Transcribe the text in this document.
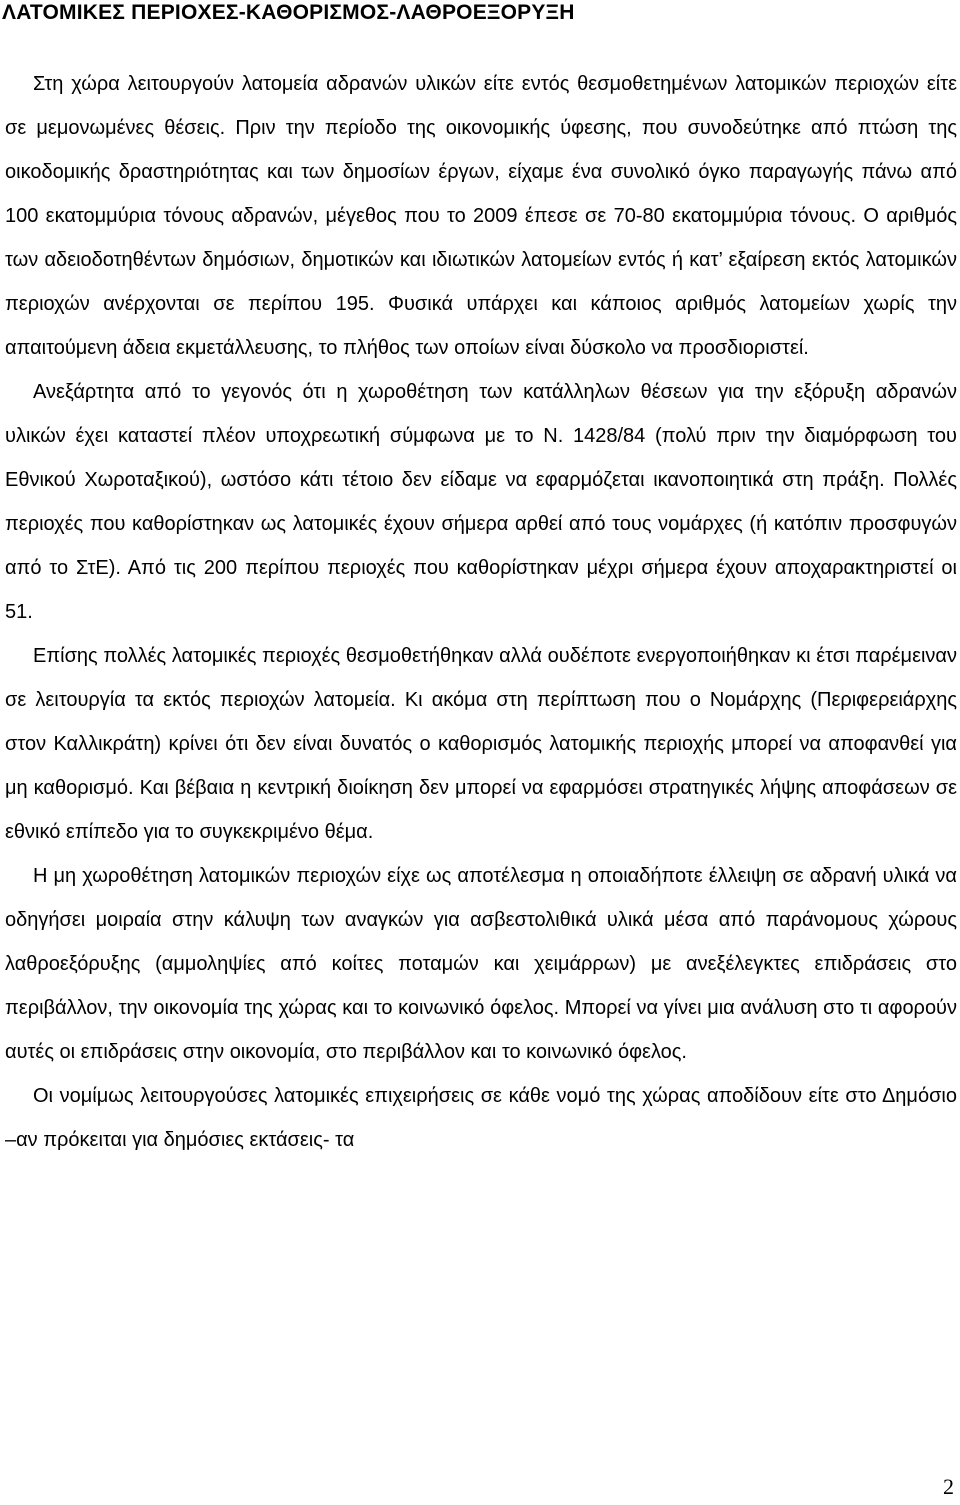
ΛΑΤΟΜΙΚΕΣ ΠΕΡΙΟΧΕΣ-ΚΑΘΟΡΙΣΜΟΣ-ΛΑΘΡΟΕΞΟΡΥΞΗ

Στη χώρα λειτουργούν λατομεία αδρανών υλικών είτε εντός θεσμοθετημένων λατομικών περιοχών είτε σε μεμονωμένες θέσεις. Πριν την περίοδο της οικονομικής ύφεσης, που συνοδεύτηκε από πτώση της οικοδομικής δραστηριότητας και των δημοσίων έργων, είχαμε ένα συνολικό όγκο παραγωγής πάνω από 100 εκατομμύρια τόνους αδρανών, μέγεθος που το 2009 έπεσε σε 70-80 εκατομμύρια τόνους. Ο αριθμός των αδειοδοτηθέντων δημόσιων, δημοτικών και ιδιωτικών λατομείων εντός ή κατ’ εξαίρεση εκτός λατομικών περιοχών ανέρχονται σε περίπου 195. Φυσικά υπάρχει και κάποιος αριθμός λατομείων χωρίς την απαιτούμενη άδεια εκμετάλλευσης, το πλήθος των οποίων είναι δύσκολο να προσδιοριστεί.

Ανεξάρτητα από το γεγονός ότι η χωροθέτηση των κατάλληλων θέσεων για την εξόρυξη αδρανών υλικών έχει καταστεί πλέον υποχρεωτική σύμφωνα με το Ν. 1428/84 (πολύ πριν την διαμόρφωση του Εθνικού Χωροταξικού), ωστόσο κάτι τέτοιο δεν είδαμε να εφαρμόζεται ικανοποιητικά στη πράξη. Πολλές περιοχές που καθορίστηκαν ως λατομικές έχουν σήμερα αρθεί από τους νομάρχες (ή κατόπιν προσφυγών από το ΣτΕ). Από τις 200 περίπου περιοχές που καθορίστηκαν μέχρι σήμερα έχουν αποχαρακτηριστεί οι 51.

Επίσης πολλές λατομικές περιοχές θεσμοθετήθηκαν αλλά ουδέποτε ενεργοποιήθηκαν κι έτσι παρέμειναν σε λειτουργία τα εκτός περιοχών λατομεία. Κι ακόμα στη περίπτωση που ο Νομάρχης (Περιφερειάρχης στον Καλλικράτη) κρίνει ότι δεν είναι δυνατός ο καθορισμός λατομικής περιοχής μπορεί να αποφανθεί για μη καθορισμό. Και βέβαια η κεντρική διοίκηση δεν μπορεί να εφαρμόσει στρατηγικές λήψης αποφάσεων σε εθνικό επίπεδο για το συγκεκριμένο θέμα.

Η μη χωροθέτηση λατομικών περιοχών είχε ως αποτέλεσμα η οποιαδήποτε έλλειψη σε αδρανή υλικά να οδηγήσει μοιραία στην κάλυψη των αναγκών για ασβεστολιθικά υλικά μέσα από παράνομους χώρους λαθροεξόρυξης (αμμοληψίες από κοίτες ποταμών και χειμάρρων) με ανεξέλεγκτες επιδράσεις στο περιβάλλον, την οικονομία της χώρας και το κοινωνικό όφελος. Μπορεί να γίνει μια ανάλυση στο τι αφορούν αυτές οι επιδράσεις στην οικονομία, στο περιβάλλον και το κοινωνικό όφελος.

Οι νομίμως λειτουργούσες λατομικές επιχειρήσεις σε κάθε νομό της χώρας αποδίδουν είτε στο Δημόσιο –αν πρόκειται για δημόσιες εκτάσεις- τα

2
